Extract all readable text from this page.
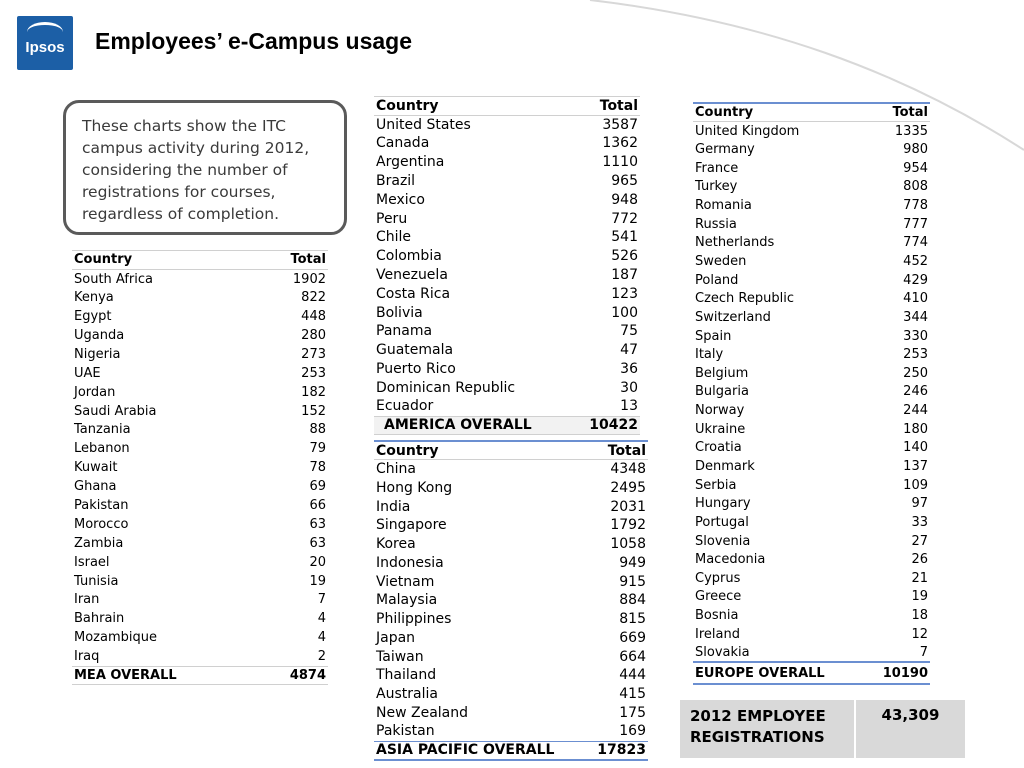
Ipsos	Employees’ e-Campus usage

These charts show the ITC campus activity during 2012, considering the number of registrations for courses, regardless of completion.

Country	Total
South Africa	1902
Kenya	822
Egypt	448
Uganda	280
Nigeria	273
UAE	253
Jordan	182
Saudi Arabia	152
Tanzania	88
Lebanon	79
Kuwait	78
Ghana	69
Pakistan	66
Morocco	63
Zambia	63
Israel	20
Tunisia	19
Iran	7
Bahrain	4
Mozambique	4
Iraq	2
MEA OVERALL	4874
Country	Total
United States	3587
Canada	1362
Argentina	1110
Brazil	965
Mexico	948
Peru	772
Chile	541
Colombia	526
Venezuela	187
Costa Rica	123
Bolivia	100
Panama	75
Guatemala	47
Puerto Rico	36
Dominican Republic	30
Ecuador	13
AMERICA OVERALL	10422
Country	Total
China	4348
Hong Kong	2495
India	2031
Singapore	1792
Korea	1058
Indonesia	949
Vietnam	915
Malaysia	884
Philippines	815
Japan	669
Taiwan	664
Thailand	444
Australia	415
New Zealand	175
Pakistan	169
ASIA PACIFIC OVERALL	17823
Country	Total
United Kingdom	1335
Germany	980
France	954
Turkey	808
Romania	778
Russia	777
Netherlands	774
Sweden	452
Poland	429
Czech Republic	410
Switzerland	344
Spain	330
Italy	253
Belgium	250
Bulgaria	246
Norway	244
Ukraine	180
Croatia	140
Denmark	137
Serbia	109
Hungary	97
Portugal	33
Slovenia	27
Macedonia	26
Cyprus	21
Greece	19
Bosnia	18
Ireland	12
Slovakia	7
EUROPE OVERALL	10190
2012 EMPLOYEE REGISTRATIONS
43,309
